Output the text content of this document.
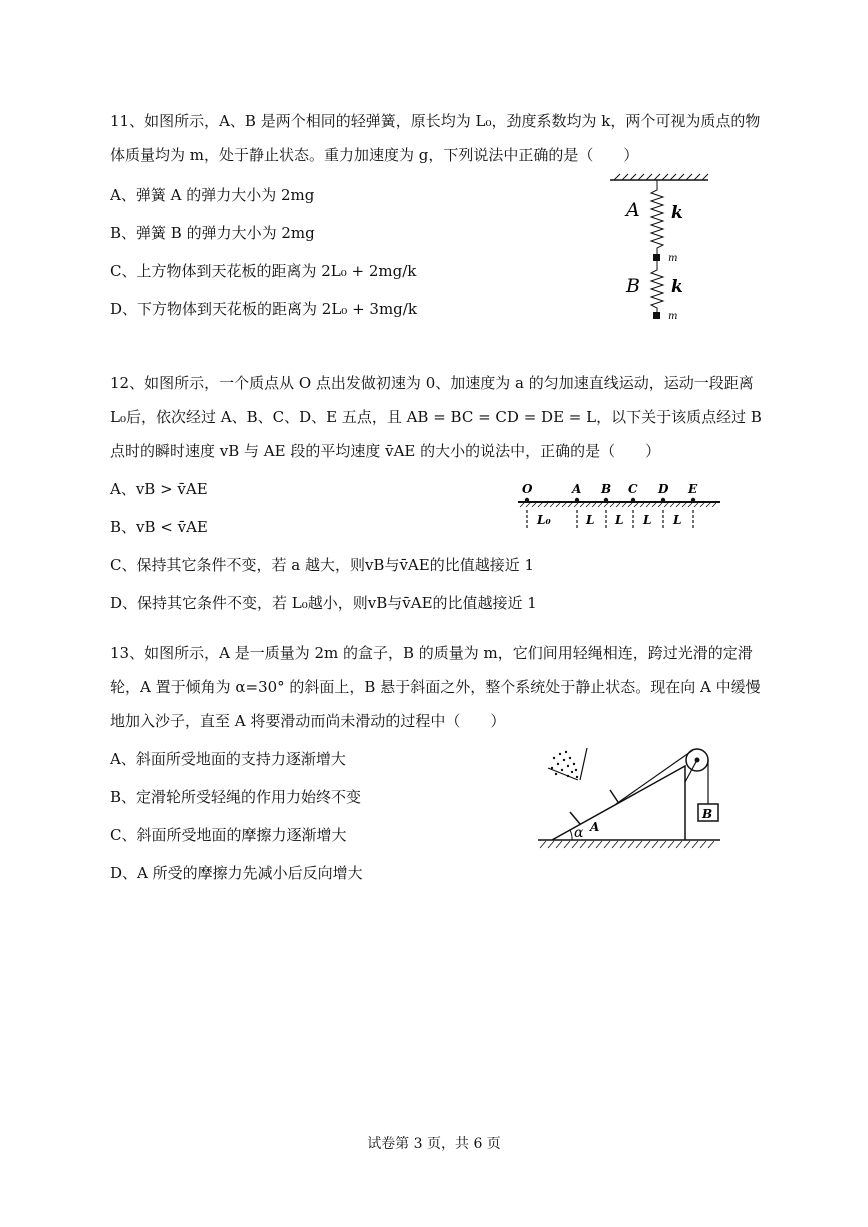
11、如图所示，A、B 是两个相同的轻弹簧，原长均为 L₀，劲度系数均为 k，两个可视为质点的物体质量均为 m，处于静止状态。重力加速度为 g，下列说法中正确的是（　　）
A、弹簧 A 的弹力大小为 2mg
B、弹簧 B 的弹力大小为 2mg
C、上方物体到天花板的距离为 2L₀ + 2mg/k
D、下方物体到天花板的距离为 2L₀ + 3mg/k
A k
m
B k
m
12、如图所示，一个质点从 O 点出发做初速为 0、加速度为 a 的匀加速直线运动，运动一段距离 L₀后，依次经过 A、B、C、D、E 五点，且 AB = BC = CD = DE = L，以下关于该质点经过 B 点时的瞬时速度 vB 与 AE 段的平均速度 v̄AE 的大小的说法中，正确的是（　　）
A、vB > v̄AE
B、vB < v̄AE
C、保持其它条件不变，若 a 越大，则vB与v̄AE的比值越接近 1
D、保持其它条件不变，若 L₀越小，则vB与v̄AE的比值越接近 1
O	A B C D E
L₀	L L L L
13、如图所示，A 是一质量为 2m 的盒子，B 的质量为 m，它们间用轻绳相连，跨过光滑的定滑轮，A 置于倾角为 α=30° 的斜面上，B 悬于斜面之外，整个系统处于静止状态。现在向 A 中缓慢地加入沙子，直至 A 将要滑动而尚未滑动的过程中（　　）
A、斜面所受地面的支持力逐渐增大
B、定滑轮所受轻绳的作用力始终不变
C、斜面所受地面的摩擦力逐渐增大
D、A 所受的摩擦力先减小后反向增大
B
A
α
试卷第 3 页，共 6 页
